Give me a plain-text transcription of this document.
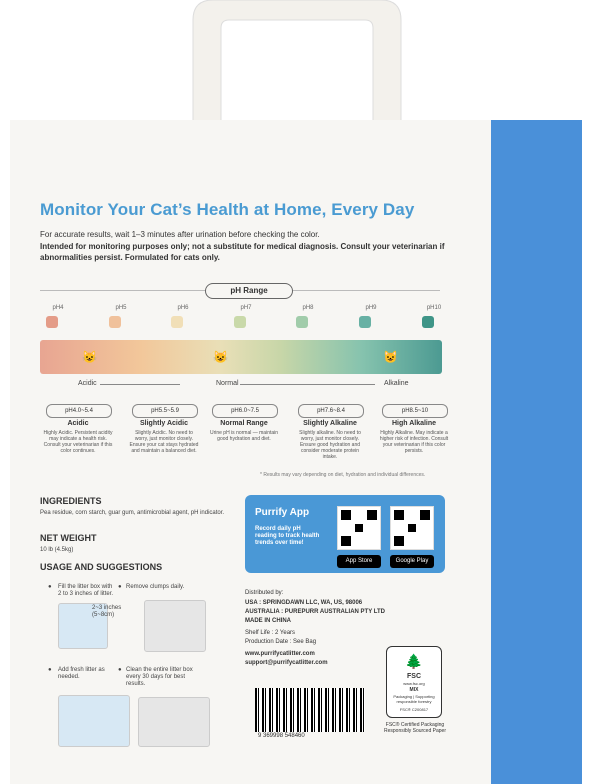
Monitor Your Cat’s Health at Home, Every Day
For accurate results, wait 1–3 minutes after urination before checking the color.
Intended for monitoring purposes only; not a substitute for medical diagnosis. Consult your veterinarian if abnormalities persist. Formulated for cats only.
pH Range
pH4	pH5	pH6	pH7	pH8	pH9	pH10
😺	😺	😺
Acidic	Normal	Alkaline
pH4.0~5.4
Acidic
Highly Acidic. Persistent acidity may indicate a health risk. Consult your veterinarian if this color continues.
pH5.5~5.9
Slightly Acidic
Slightly Acidic. No need to worry, just monitor closely. Ensure your cat stays hydrated and maintain a balanced diet.
pH6.0~7.5
Normal Range
Urine pH is normal — maintain good hydration and diet.
pH7.6~8.4
Slightly Alkaline
Slightly alkaline. No need to worry, just monitor closely. Ensure good hydration and consider moderate protein intake.
pH8.5~10
High Alkaline
Highly Alkaline. May indicate a higher risk of infection. Consult your veterinarian if this color persists.
* Results may vary depending on diet, hydration and individual differences.
INGREDIENTS
Pea residue, corn starch, guar gum, antimicrobial agent, pH indicator.
NET WEIGHT
10 lb (4.5kg)
USAGE AND SUGGESTIONS
● Fill the litter box with 2 to 3 inches of litter.
● Remove clumps daily.
2~3 inches (5~8cm)
● Add fresh litter as needed.
● Clean the entire litter box every 30 days for best results.
Purrify App
Record daily pH reading to track health trends over time!
App Store	Google Play
Distributed by:
USA : SPRINGDAWN LLC, WA, US, 98006
AUSTRALIA : PUREPURR AUSTRALIAN PTY LTD
MADE IN CHINA
Shelf Life : 2 Years
Production Date : See Bag
www.purrifycatlitter.com
support@purrifycatlitter.com
9 369998 548460
🌲
FSC
www.fsc.org
MIX
Packaging | Supporting responsible forestry
FSC® C200817
FSC® Certified Packaging Responsibly Sourced Paper
